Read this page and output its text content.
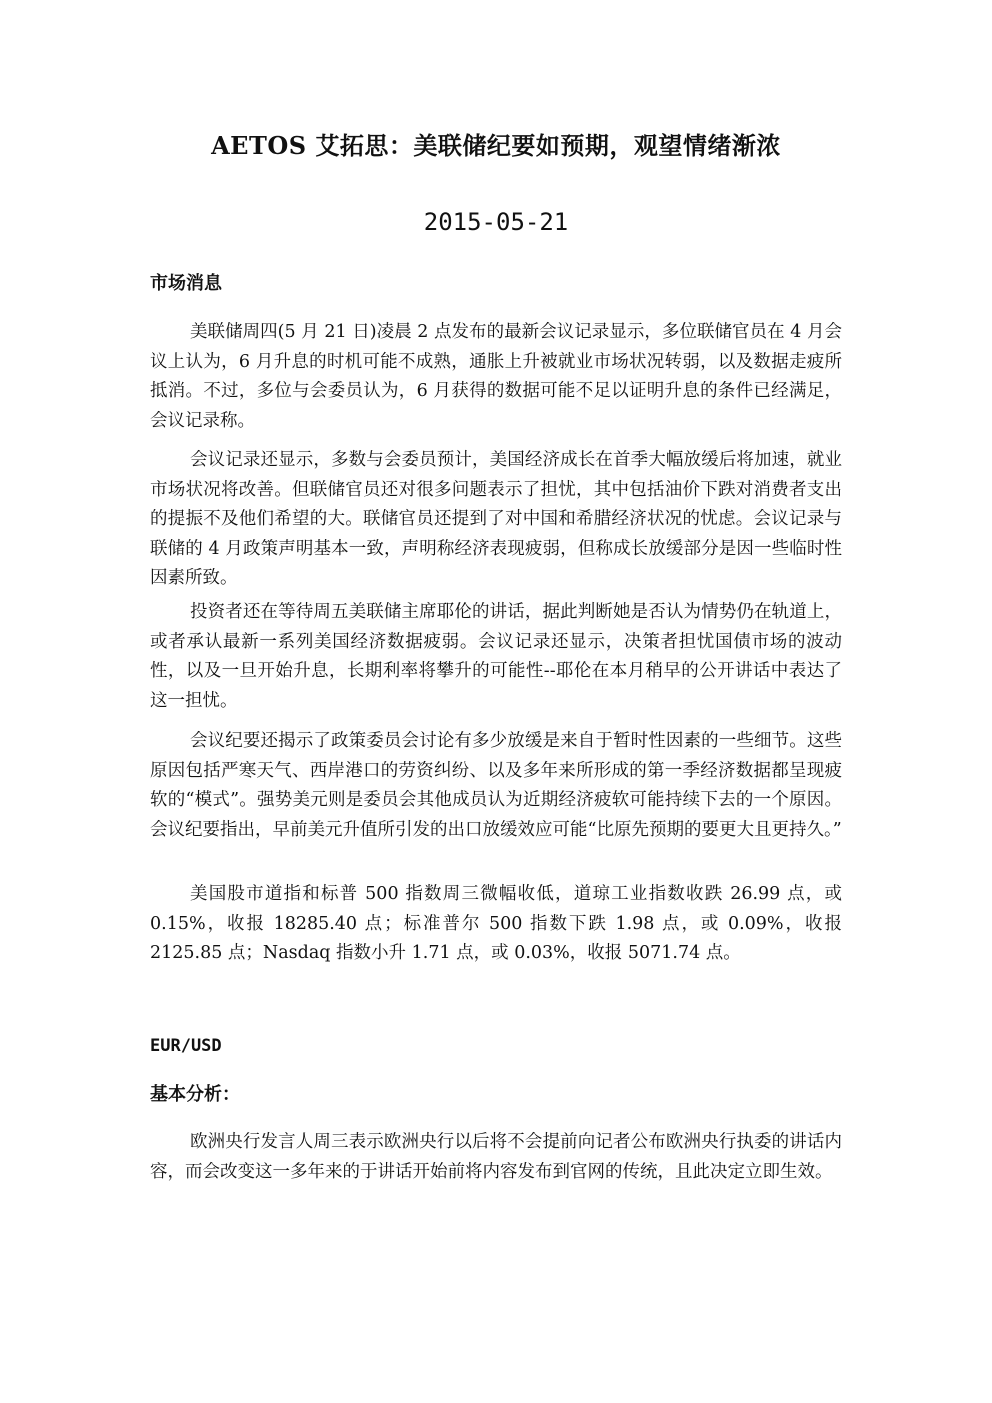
AETOS 艾拓思：美联储纪要如预期，观望情绪渐浓
2015-05-21
市场消息

美联储周四(5 月 21 日)凌晨 2 点发布的最新会议记录显示，多位联储官员在 4 月会议上认为，6 月升息的时机可能不成熟，通胀上升被就业市场状况转弱，以及数据走疲所抵消。不过，多位与会委员认为，6 月获得的数据可能不足以证明升息的条件已经满足，会议记录称。

会议记录还显示，多数与会委员预计，美国经济成长在首季大幅放缓后将加速，就业市场状况将改善。但联储官员还对很多问题表示了担忧，其中包括油价下跌对消费者支出的提振不及他们希望的大。联储官员还提到了对中国和希腊经济状况的忧虑。会议记录与联储的 4 月政策声明基本一致，声明称经济表现疲弱，但称成长放缓部分是因一些临时性因素所致。

投资者还在等待周五美联储主席耶伦的讲话，据此判断她是否认为情势仍在轨道上，或者承认最新一系列美国经济数据疲弱。会议记录还显示，决策者担忧国债市场的波动性，以及一旦开始升息，长期利率将攀升的可能性--耶伦在本月稍早的公开讲话中表达了这一担忧。

会议纪要还揭示了政策委员会讨论有多少放缓是来自于暂时性因素的一些细节。这些原因包括严寒天气、西岸港口的劳资纠纷、以及多年来所形成的第一季经济数据都呈现疲软的“模式”。强势美元则是委员会其他成员认为近期经济疲软可能持续下去的一个原因。会议纪要指出，早前美元升值所引发的出口放缓效应可能“比原先预期的要更大且更持久。”

美国股市道指和标普 500 指数周三微幅收低，道琼工业指数收跌 26.99 点，或 0.15%，收报 18285.40 点；标准普尔 500 指数下跌 1.98 点，或 0.09%，收报 2125.85 点；Nasdaq 指数小升 1.71 点，或 0.03%，收报 5071.74 点。

EUR/USD
基本分析：

欧洲央行发言人周三表示欧洲央行以后将不会提前向记者公布欧洲央行执委的讲话内容，而会改变这一多年来的于讲话开始前将内容发布到官网的传统，且此决定立即生效。
